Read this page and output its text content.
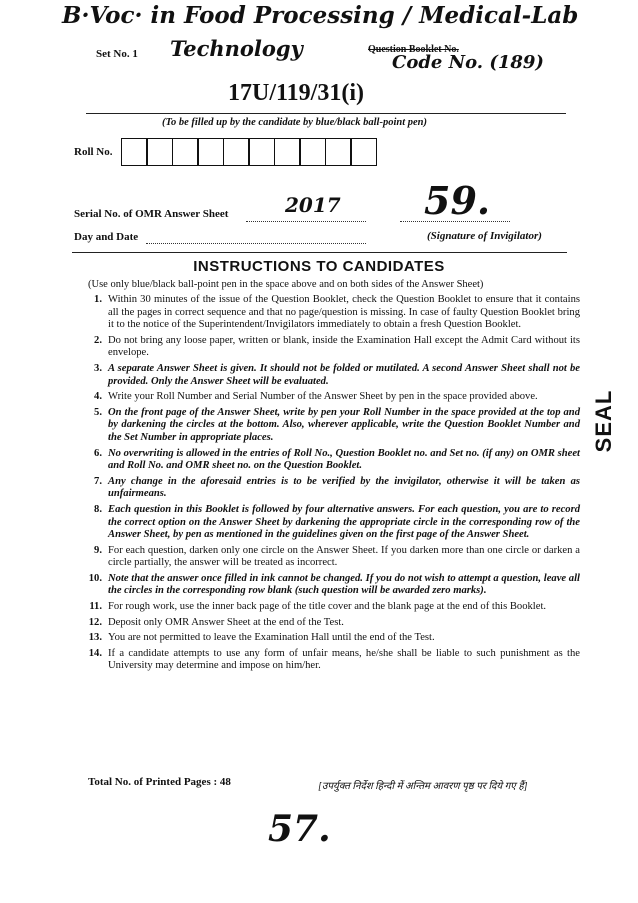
B·Voc· in Food Processing / Medical-Lab
Technology
Set No. 1	Question Booklet No.
Code No. (189)
17U/119/31(i)
(To be filled up by the candidate by blue/black ball-point pen)
Roll No.
Serial No. of OMR Answer Sheet	2017 59.
Day and Date	(Signature of Invigilator)
INSTRUCTIONS TO CANDIDATES
(Use only blue/black ball-point pen in the space above and on both sides of the Answer Sheet)
1. Within 30 minutes of the issue of the Question Booklet, check the Question Booklet to ensure that it contains all the pages in correct sequence and that no page/question is missing. In case of faulty Question Booklet bring it to the notice of the Superintendent/Invigilators immediately to obtain a fresh Question Booklet.
2. Do not bring any loose paper, written or blank, inside the Examination Hall except the Admit Card without its envelope.
3. A separate Answer Sheet is given. It should not be folded or mutilated. A second Answer Sheet shall not be provided. Only the Answer Sheet will be evaluated.
4. Write your Roll Number and Serial Number of the Answer Sheet by pen in the space provided above.
5. On the front page of the Answer Sheet, write by pen your Roll Number in the space provided at the top and by darkening the circles at the bottom. Also, wherever applicable, write the Question Booklet Number and the Set Number in appropriate places.
6. No overwriting is allowed in the entries of Roll No., Question Booklet no. and Set no. (if any) on OMR sheet and Roll No. and OMR sheet no. on the Question Booklet.
7. Any change in the aforesaid entries is to be verified by the invigilator, otherwise it will be taken as unfairmeans.
8. Each question in this Booklet is followed by four alternative answers. For each question, you are to record the correct option on the Answer Sheet by darkening the appropriate circle in the corresponding row of the Answer Sheet, by pen as mentioned in the guidelines given on the first page of the Answer Sheet.
9. For each question, darken only one circle on the Answer Sheet. If you darken more than one circle or darken a circle partially, the answer will be treated as incorrect.
10. Note that the answer once filled in ink cannot be changed. If you do not wish to attempt a question, leave all the circles in the corresponding row blank (such question will be awarded zero marks).
11. For rough work, use the inner back page of the title cover and the blank page at the end of this Booklet.
12. Deposit only OMR Answer Sheet at the end of the Test.
13. You are not permitted to leave the Examination Hall until the end of the Test.
14. If a candidate attempts to use any form of unfair means, he/she shall be liable to such punishment as the University may determine and impose on him/her.
SEAL
Total No. of Printed Pages : 48	[उपर्युक्त निर्देश हिन्दी में अन्तिम आवरण पृष्ठ पर दिये गए हैं]
57.
